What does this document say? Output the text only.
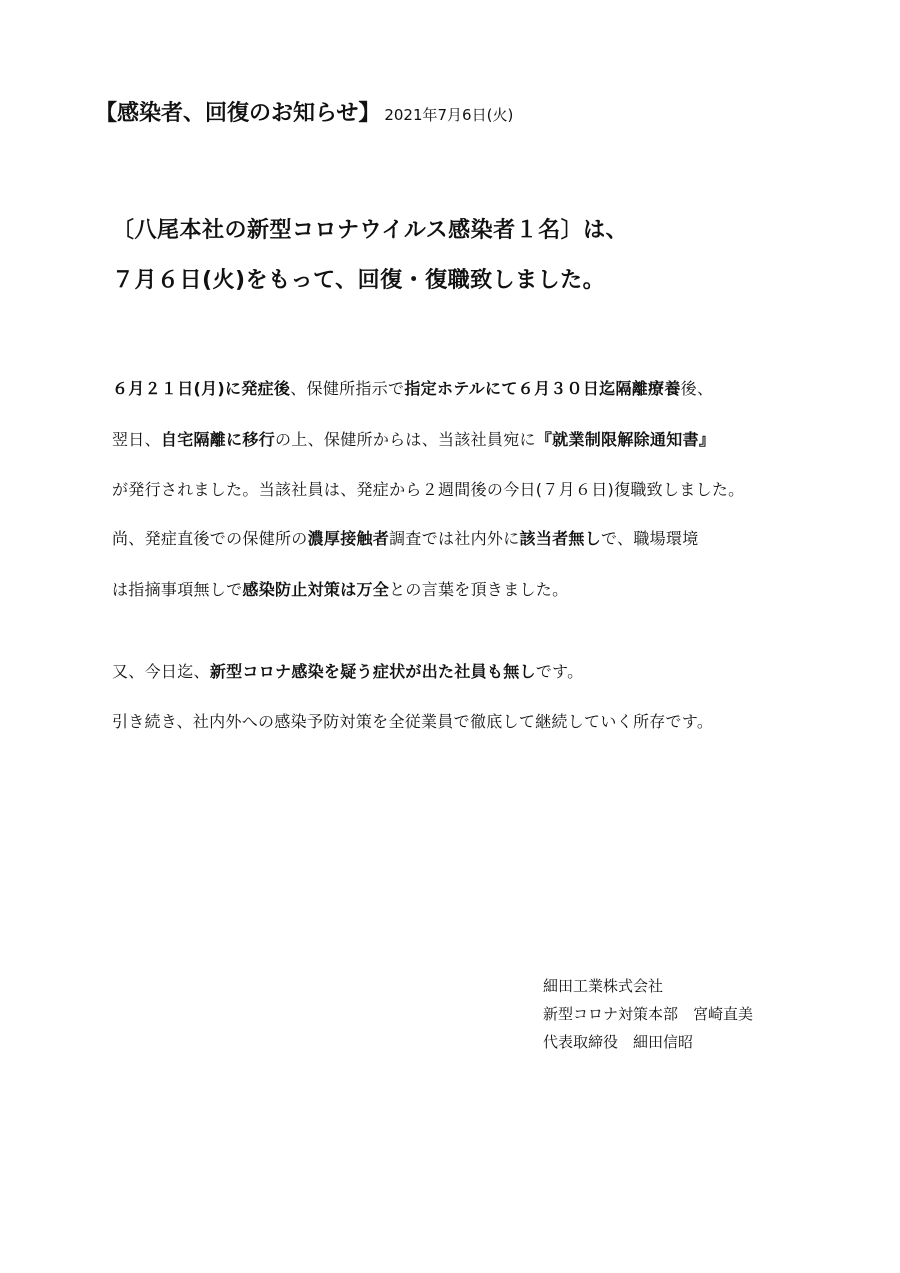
【感染者、回復のお知らせ】 2021年7月6日(火)
〔八尾本社の新型コロナウイルス感染者１名〕は、
７月６日(火)をもって、回復・復職致しました。
６月２１日(月)に発症後、保健所指示で指定ホテルにて６月３０日迄隔離療養後、
翌日、自宅隔離に移行の上、保健所からは、当該社員宛に『就業制限解除通知書』
が発行されました。当該社員は、発症から２週間後の今日(７月６日)復職致しました。
尚、発症直後での保健所の濃厚接触者調査では社内外に該当者無しで、職場環境
は指摘事項無しで感染防止対策は万全との言葉を頂きました。
又、今日迄、新型コロナ感染を疑う症状が出た社員も無しです。
引き続き、社内外への感染予防対策を全従業員で徹底して継続していく所存です。
細田工業株式会社
新型コロナ対策本部　宮崎直美
代表取締役　細田信昭
